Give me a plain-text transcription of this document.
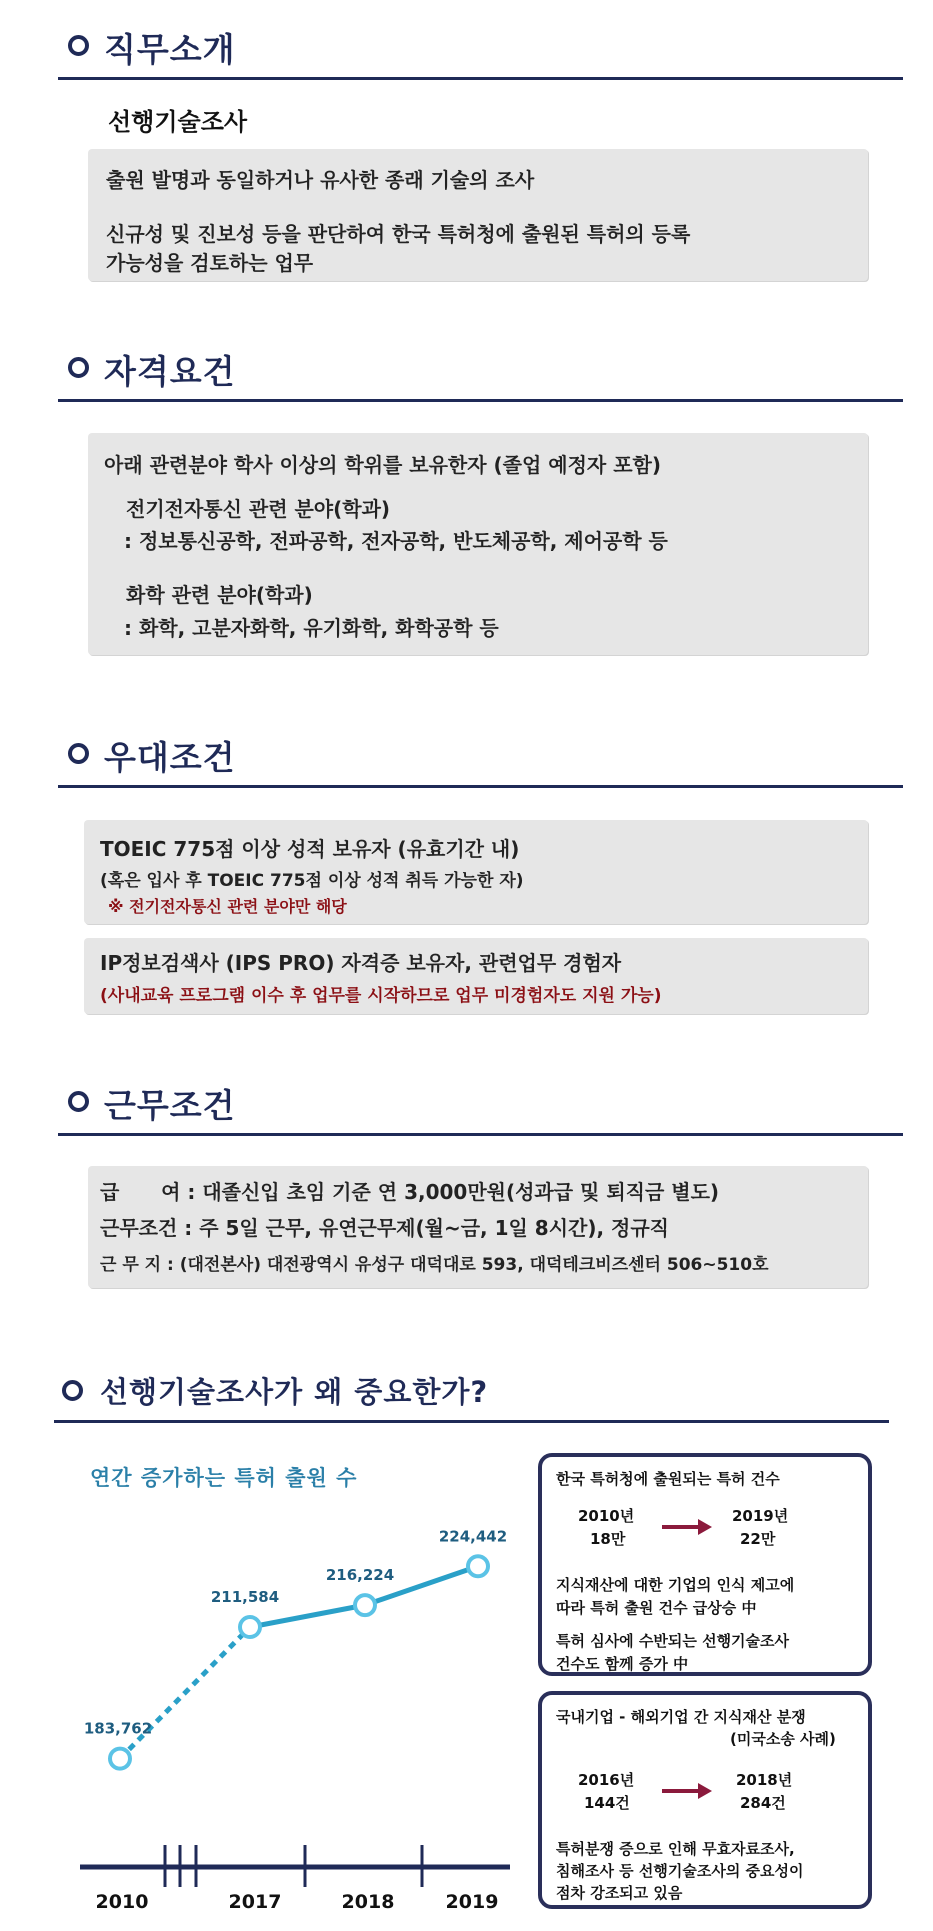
직무소개
선행기술조사
출원 발명과 동일하거나 유사한 종래 기술의 조사
신규성 및 진보성 등을 판단하여 한국 특허청에 출원된 특허의 등록
가능성을 검토하는 업무
자격요건
아래 관련분야 학사 이상의 학위를 보유한자 (졸업 예정자 포함)
전기전자통신 관련 분야(학과)
: 정보통신공학, 전파공학, 전자공학, 반도체공학, 제어공학 등
화학 관련 분야(학과)
: 화학, 고분자화학, 유기화학, 화학공학 등
우대조건
TOEIC 775점 이상 성적 보유자 (유효기간 내)
(혹은 입사 후 TOEIC 775점 이상 성적 취득 가능한 자)
※ 전기전자통신 관련 분야만 해당
IP정보검색사 (IPS PRO) 자격증 보유자, 관련업무 경험자
(사내교육 프로그램 이수 후 업무를 시작하므로 업무 미경험자도 지원 가능)
근무조건
급      여 : 대졸신입 초임 기준 연 3,000만원(성과급 및 퇴직금 별도)
근무조건 : 주 5일 근무, 유연근무제(월~금, 1일 8시간), 정규직
근 무 지 : (대전본사) 대전광역시 유성구 대덕대로 593, 대덕테크비즈센터 506~510호
선행기술조사가 왜 중요한가?
연간 증가하는 특허 출원 수
183,762
211,584
216,224
224,442
2010	2017	2018	2019
한국 특허청에 출원되는 특허 건수
2010년
18만
2019년
22만
지식재산에 대한 기업의 인식 제고에
따라 특허 출원 건수 급상승 中
특허 심사에 수반되는 선행기술조사
건수도 함께 증가 中
국내기업 - 해외기업 간 지식재산 분쟁
(미국소송 사례)
2016년
144건
2018년
284건
특허분쟁 증으로 인해 무효자료조사,
침해조사 등 선행기술조사의 중요성이
점차 강조되고 있음
